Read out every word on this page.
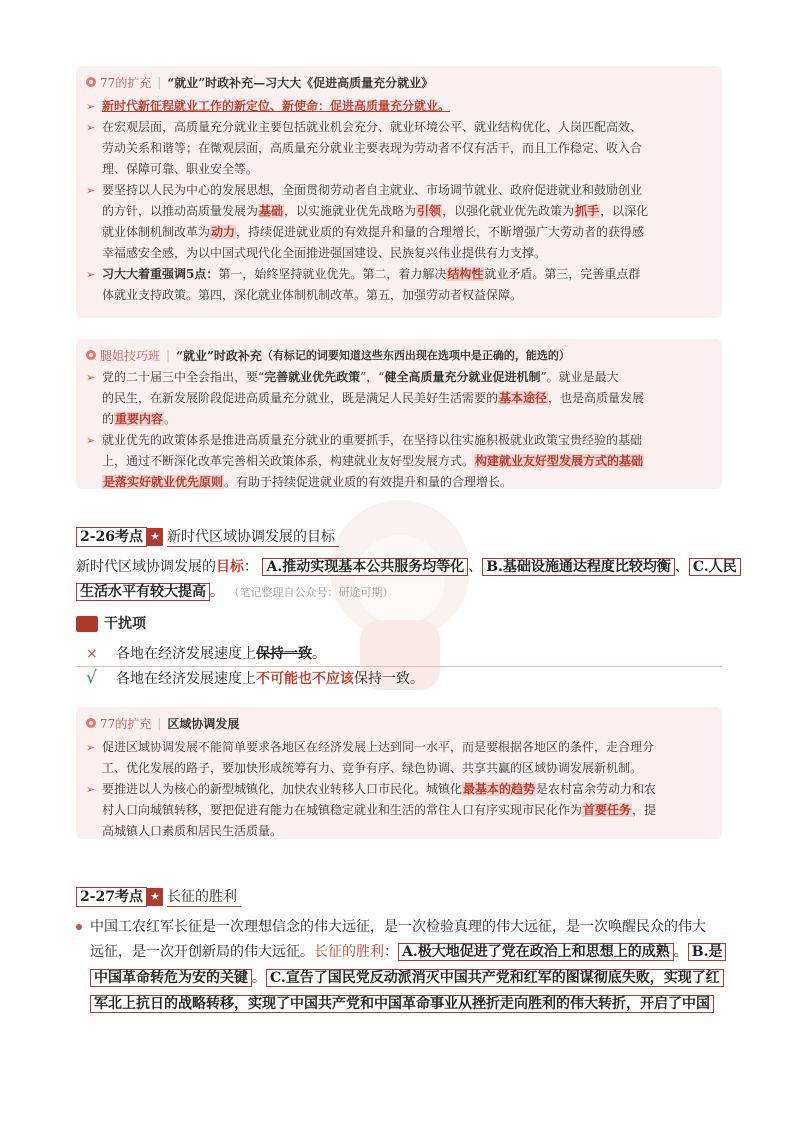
77的扩充 | “就业”时政补充—习大大《促进高质量充分就业》
➢ 新时代新征程就业工作的新定位、新使命：促进高质量充分就业。
➢ 在宏观层面，高质量充分就业主要包括就业机会充分、就业环境公平、就业结构优化、人岗匹配高效、
劳动关系和谐等；在微观层面，高质量充分就业主要表现为劳动者不仅有活干，而且工作稳定、收入合
理、保障可靠、职业安全等。
➢ 要坚持以人民为中心的发展思想，全面贯彻劳动者自主就业、市场调节就业、政府促进就业和鼓励创业
的方针，以推动高质量发展为基础，以实施就业优先战略为引领，以强化就业优先政策为抓手，以深化
就业体制机制改革为动力，持续促进就业质的有效提升和量的合理增长，不断增强广大劳动者的获得感
幸福感安全感，为以中国式现代化全面推进强国建设、民族复兴伟业提供有力支撑。
➢ 习大大着重强调5点：第一，始终坚持就业优先。第二，着力解决结构性就业矛盾。第三，完善重点群
体就业支持政策。第四，深化就业体制机制改革。第五，加强劳动者权益保障。
腿姐技巧班 | “就业”时政补充 （有标记的词要知道这些东西出现在选项中是正确的，能选的）
➢ 党的二十届三中全会指出，要“完善就业优先政策”，“健全高质量充分就业促进机制”。就业是最大
的民生，在新发展阶段促进高质量充分就业，既是满足人民美好生活需要的基本途径，也是高质量发展
的重要内容。
➢ 就业优先的政策体系是推进高质量充分就业的重要抓手，在坚持以往实施积极就业政策宝贵经验的基础
上，通过不断深化改革完善相关政策体系，构建就业友好型发展方式。构建就业友好型发展方式的基础
是落实好就业优先原则。有助于持续促进就业质的有效提升和量的合理增长。
2-26考点 ★ 新时代区域协调发展的目标
新时代区域协调发展的目标： A.推动实现基本公共服务均等化 、 B.基础设施通达程度比较均衡 、 C.人民
生活水平有较大提高 。 （笔记整理自公众号：研途可期）
干扰项
× 各地在经济发展速度上保持一致。
√ 各地在经济发展速度上不可能也不应该保持一致。
77的扩充 | 区域协调发展
➢ 促进区域协调发展不能简单要求各地区在经济发展上达到同一水平，而是要根据各地区的条件，走合理分
工、优化发展的路子，要加快形成统筹有力、竞争有序、绿色协调、共享共赢的区域协调发展新机制。
➢ 要推进以人为核心的新型城镇化，加快农业转移人口市民化。城镇化最基本的趋势是农村富余劳动力和农
村人口向城镇转移，要把促进有能力在城镇稳定就业和生活的常住人口有序实现市民化作为首要任务，提
高城镇人口素质和居民生活质量。
2-27考点 ★ 长征的胜利
中国工农红军长征是一次理想信念的伟大远征，是一次检验真理的伟大远征，是一次唤醒民众的伟大
远征，是一次开创新局的伟大远征。长征的胜利： A.极大地促进了党在政治上和思想上的成熟 。 B.是
中国革命转危为安的关键 。 C.宣告了国民党反动派消灭中国共产党和红军的图谋彻底失败，实现了红
军北上抗日的战略转移，实现了中国共产党和中国革命事业从挫折走向胜利的伟大转折，开启了中国
